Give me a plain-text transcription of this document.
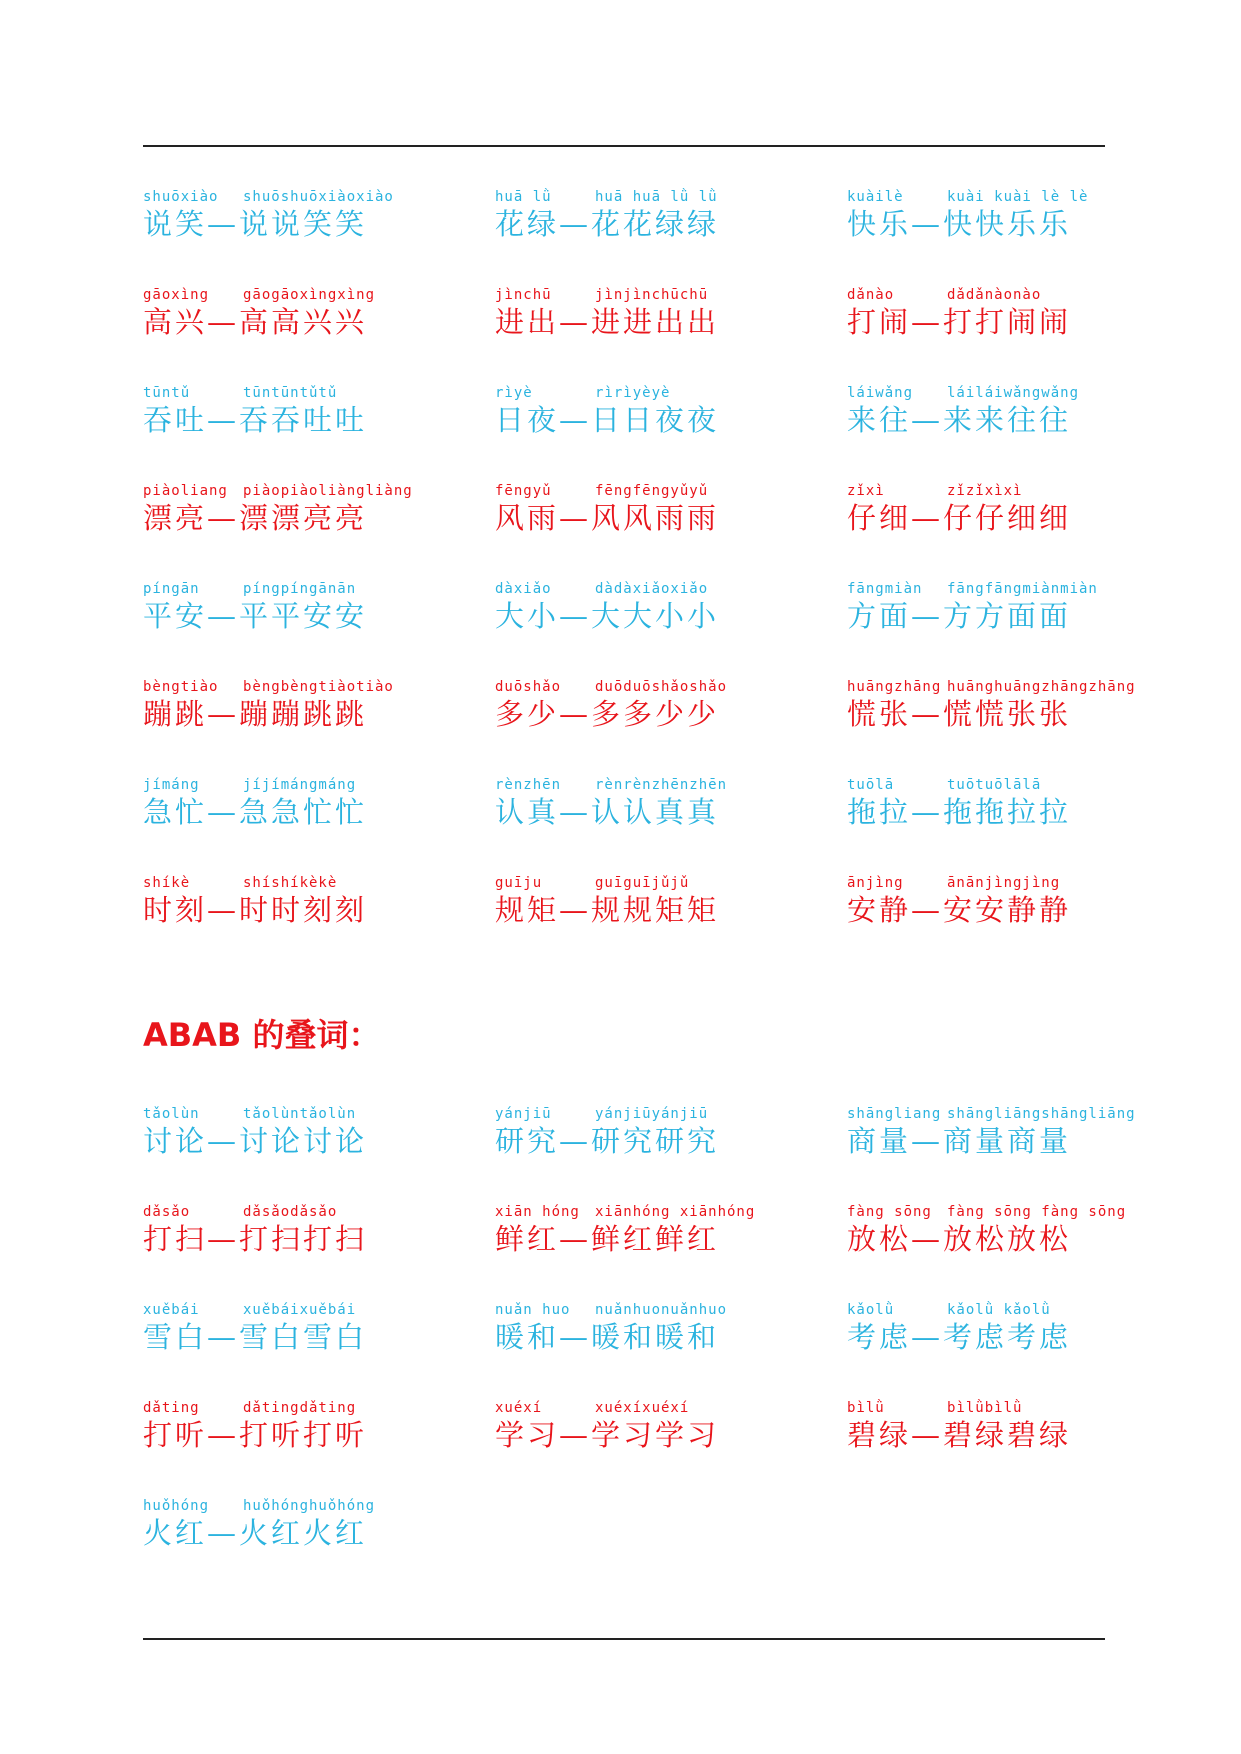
shuōxiào shuōshuōxiàoxiào
说笑—说说笑笑
huā lǜ	huā huā lǜ lǜ
花绿—花花绿绿
kuàilè	kuài kuài lè lè
快乐—快快乐乐
gāoxìng gāogāoxìngxìng
高兴—高高兴兴
jìnchū	jìnjìnchūchū
进出—进进出出
dǎnào	dǎdǎnàonào
打闹—打打闹闹
tūntǔ	tūntūntǔtǔ
吞吐—吞吞吐吐
rìyè	rìrìyèyè
日夜—日日夜夜
láiwǎng láiláiwǎngwǎng
来往—来来往往
piàoliang piàopiàoliàngliàng
漂亮—漂漂亮亮
fēngyǔ	fēngfēngyǔyǔ
风雨—风风雨雨
zǐxì	zǐzǐxìxì
仔细—仔仔细细
píngān	píngpíngānān
平安—平平安安
dàxiǎo	dàdàxiǎoxiǎo
大小—大大小小
fāngmiàn fāngfāngmiànmiàn
方面—方方面面
bèngtiào bèngbèngtiàotiào
蹦跳—蹦蹦跳跳
duōshǎo duōduōshǎoshǎo
多少—多多少少
huāngzhāng huānghuāngzhāngzhāng
慌张—慌慌张张
jímáng	jíjímángmáng
急忙—急急忙忙
rènzhēn rènrènzhēnzhēn
认真—认认真真
tuōlā	tuōtuōlālā
拖拉—拖拖拉拉
shíkè	shíshíkèkè
时刻—时时刻刻
guīju	guīguījǔjǔ
规矩—规规矩矩
ānjìng	ānānjìngjìng
安静—安安静静
ABAB 的叠词：
tǎolùn	tǎolùntǎolùn
讨论—讨论讨论
yánjiū	yánjiūyánjiū
研究—研究研究
shāngliang shāngliāngshāngliāng
商量—商量商量
dǎsǎo	dǎsǎodǎsǎo
打扫—打扫打扫
xiān hóng xiānhóng xiānhóng
鲜红—鲜红鲜红
fàng sōng fàng sōng fàng sōng
放松—放松放松
xuěbái	xuěbáixuěbái
雪白—雪白雪白
nuǎn huo nuǎnhuonuǎnhuo
暖和—暖和暖和
kǎolǜ	kǎolǜ kǎolǜ
考虑—考虑考虑
dǎting	dǎtingdǎting
打听—打听打听
xuéxí	xuéxíxuéxí
学习—学习学习
bìlǜ	bìlǜbìlǜ
碧绿—碧绿碧绿
huǒhóng huǒhónghuǒhóng
火红—火红火红
